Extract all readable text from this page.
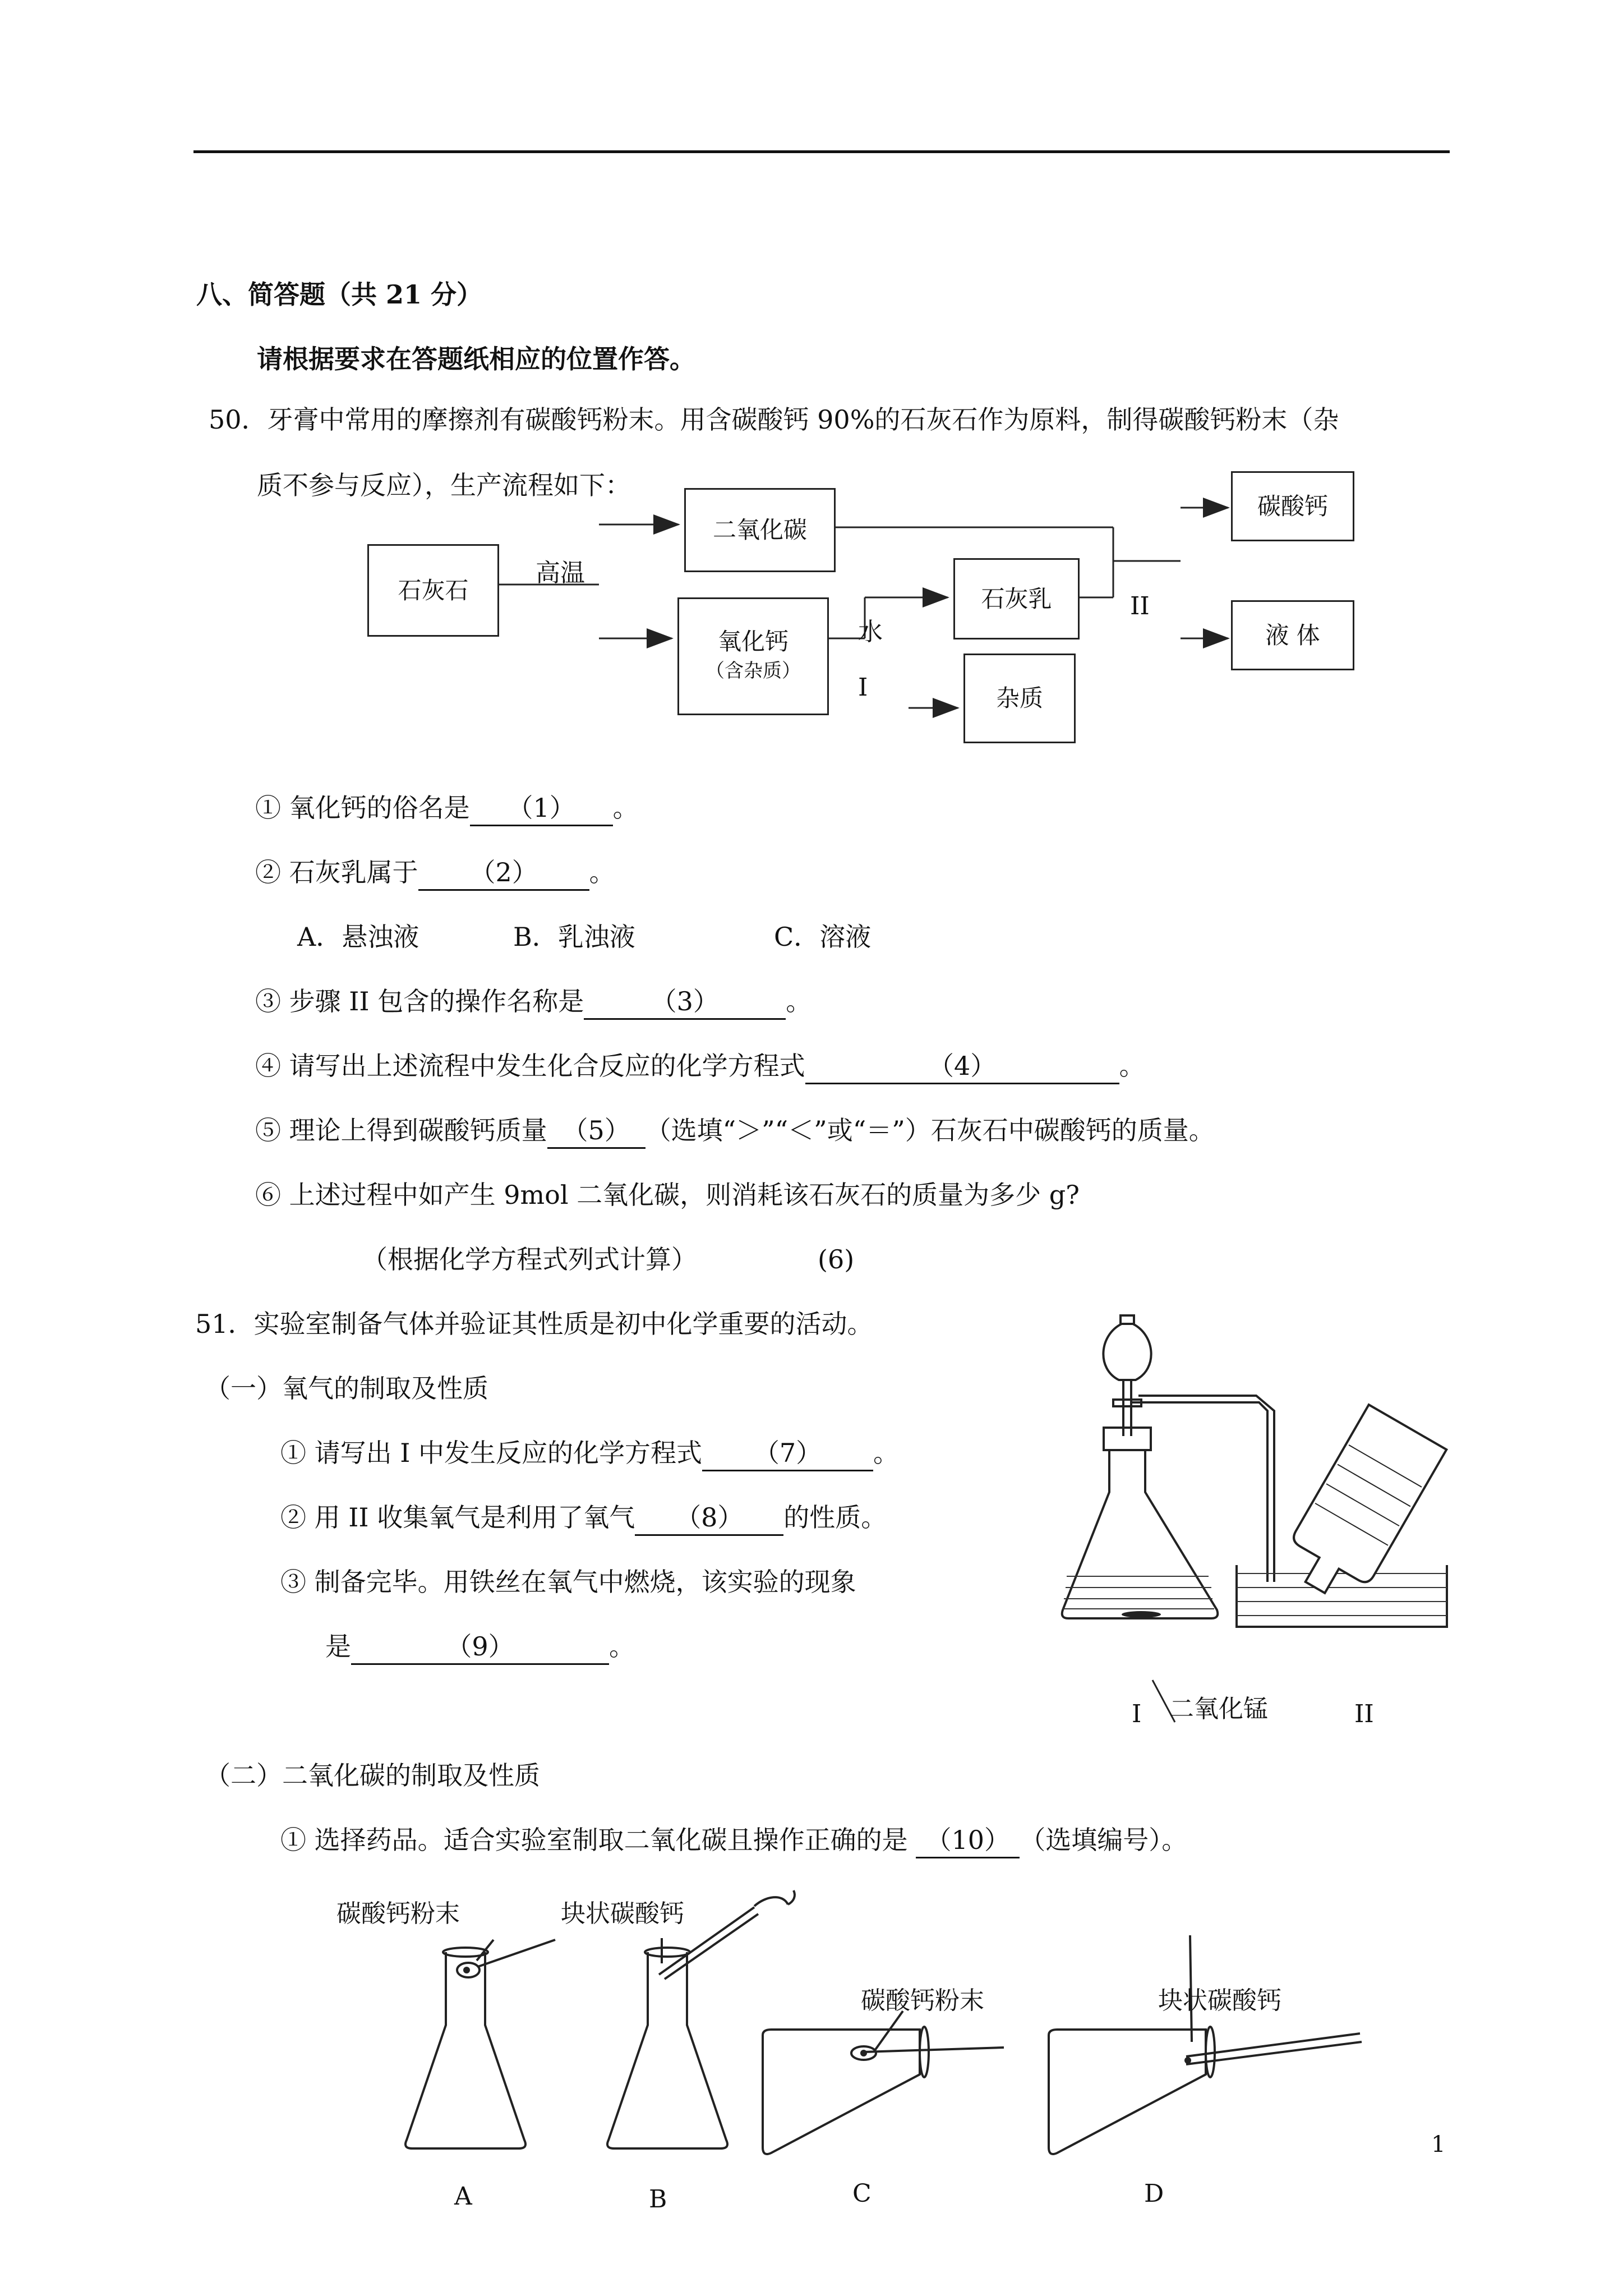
八、简答题（共 21 分）
请根据要求在答题纸相应的位置作答。
50．牙膏中常用的摩擦剂有碳酸钙粉末。用含碳酸钙 90%的石灰石作为原料，制得碳酸钙粉末（杂
质不参与反应），生产流程如下：
石灰石
高温
二氧化碳
氧化钙
（含杂质）
水
I
石灰乳
杂质
II
碳酸钙
液 体
① 氧化钙的俗名是 （1） 。
② 石灰乳属于 （2） 。
A．悬浊液	B．乳浊液	C．溶液
③ 步骤 II 包含的操作名称是	（3）	。
④ 请写出上述流程中发生化合反应的化学方程式	（4）	。
⑤ 理论上得到碳酸钙质量 （5） （选填“＞”“＜”或“＝”）石灰石中碳酸钙的质量。
⑥ 上述过程中如产生 9mol 二氧化碳，则消耗该石灰石的质量为多少 g?
（根据化学方程式列式计算）	(6)
51．实验室制备气体并验证其性质是初中化学重要的活动。
（一）氧气的制取及性质
① 请写出 I 中发生反应的化学方程式 （7） 。
② 用 II 收集氧气是利用了氧气 （8） 的性质。
③ 制备完毕。用铁丝在氧气中燃烧，该实验的现象
是	（9）	。
I 二氧化锰	II
（二）二氧化碳的制取及性质
① 选择药品。适合实验室制取二氧化碳且操作正确的是 （10） （选填编号）。
碳酸钙粉末	块状碳酸钙
碳酸钙粉末	块状碳酸钙
A	B	C	D
1
